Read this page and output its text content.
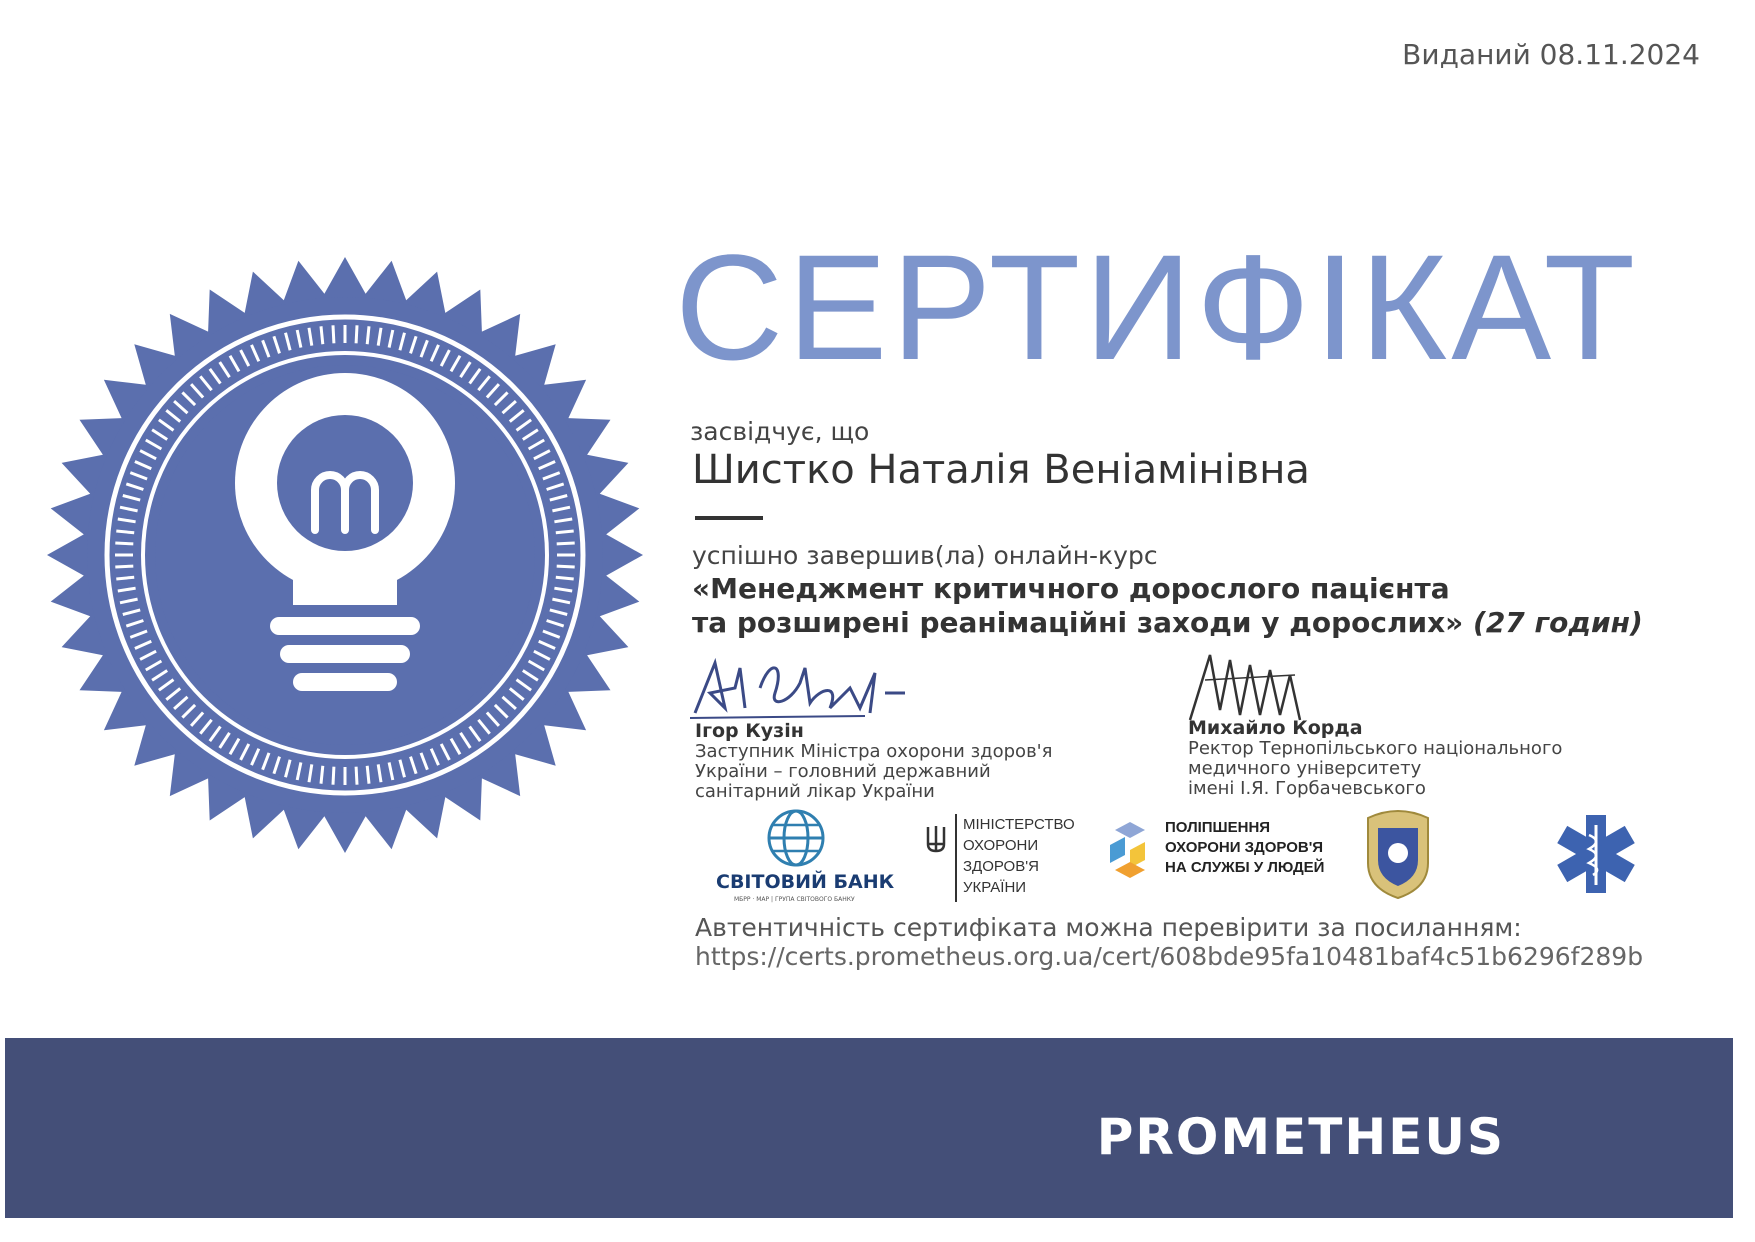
Виданий 08.11.2024
СЕРТИФІКАТ
засвідчує, що
Шистко Наталія Веніамінівна
успішно завершив(ла) онлайн-курс
«Менеджмент критичного дорослого пацієнта
та розширені реанімаційні заходи у дорослих» (27 годин)
Ігор Кузін
Заступник Міністра охорони здоров'я
України – головний державний
санітарний лікар України
Михайло Корда
Ректор Тернопільського національного
медичного університету
імені І.Я. Горбачевського
СВІТОВИЙ БАНК
МБРР · МАР | ГРУПА СВІТОВОГО БАНКУ
МІНІСТЕРСТВО
ОХОРОНИ
ЗДОРОВ'Я
УКРАЇНИ
ПОЛІПШЕННЯ
ОХОРОНИ ЗДОРОВ'Я
НА СЛУЖБІ У ЛЮДЕЙ
Автентичність сертифіката можна перевірити за посиланням:
https://certs.prometheus.org.ua/cert/608bde95fa10481baf4c51b6296f289b
PROMETHEUS
